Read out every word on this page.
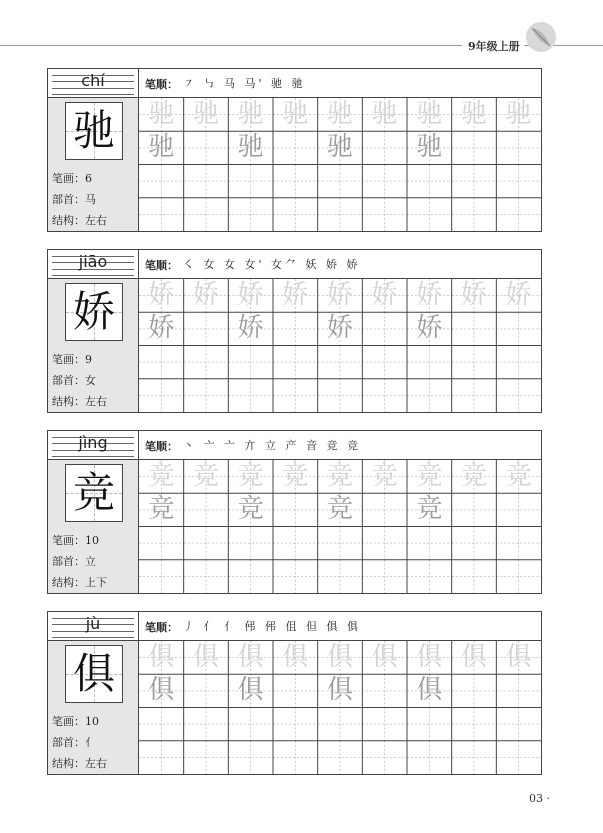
9年级上册
chí
驰
笔画：6
部首：马
结构：左右
笔顺： ㇇ ㇉ 马 马' 驰 驰
驰 驰 驰 驰 驰 驰 驰 驰 驰
驰	驰	驰	驰
jiāo
娇
笔画：9
部首：女
结构：左右
笔顺： ㇛ 女 女 女' 女⺈ 妖 娇 娇
娇 娇 娇 娇 娇 娇 娇 娇 娇
娇	娇	娇	娇
jìng
竞
笔画：10
部首：立
结构：上下
笔顺： 丶 亠 亠 亣 立 产 音 竞 竞
竞 竞 竞 竞 竞 竞 竞 竞 竞
竞	竞	竞	竞
jù
俱
笔画：10
部首：亻
结构：左右
笔顺： 丿 亻 亻 伄 伄 伹 但 俱 俱
俱 俱 俱 俱 俱 俱 俱 俱 俱
俱	俱	俱	俱
03 ·
